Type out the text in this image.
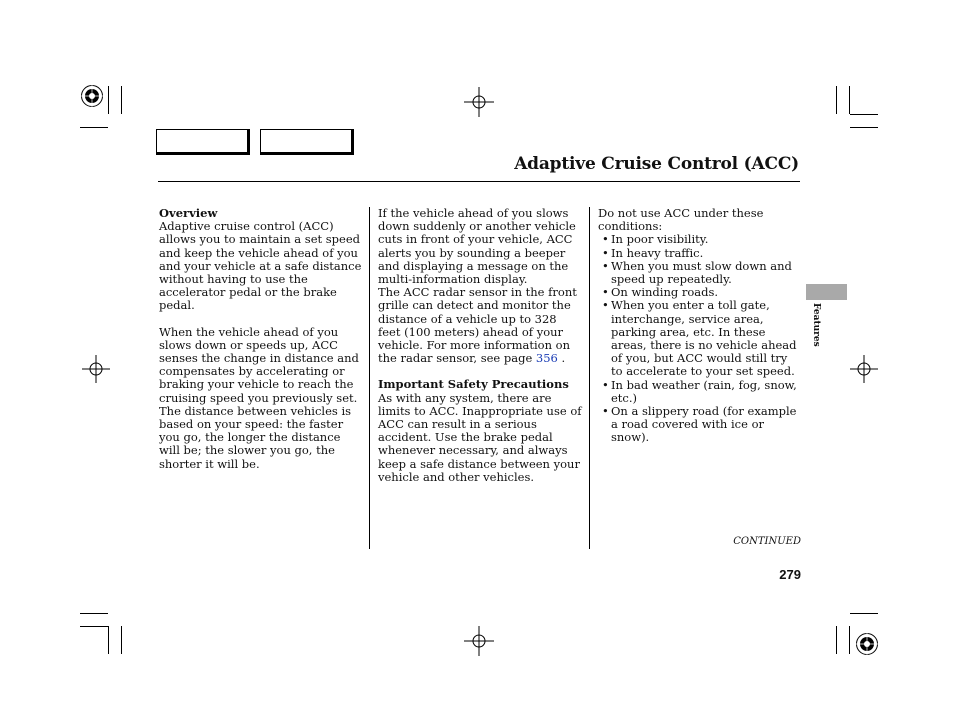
Adaptive Cruise Control (ACC)

Overview

Adaptive cruise control (ACC) allows you to maintain a set speed and keep the vehicle ahead of you and your vehicle at a safe distance without having to use the accelerator pedal or the brake pedal.

When the vehicle ahead of you slows down or speeds up, ACC senses the change in distance and compensates by accelerating or braking your vehicle to reach the cruising speed you previously set. The distance between vehicles is based on your speed: the faster you go, the longer the distance will be; the slower you go, the shorter it will be.

If the vehicle ahead of you slows down suddenly or another vehicle cuts in front of your vehicle, ACC alerts you by sounding a beeper and displaying a message on the multi-information display.

The ACC radar sensor in the front grille can detect and monitor the distance of a vehicle up to 328 feet (100 meters) ahead of your vehicle. For more information on the radar sensor, see page 356 .

Important Safety Precautions

As with any system, there are limits to ACC. Inappropriate use of ACC can result in a serious accident. Use the brake pedal whenever necessary, and always keep a safe distance between your vehicle and other vehicles.

Do not use ACC under these conditions:

• In poor visibility.
• In heavy traffic.
• When you must slow down and speed up repeatedly.
• On winding roads.
• When you enter a toll gate, interchange, service area, parking area, etc. In these areas, there is no vehicle ahead of you, but ACC would still try to accelerate to your set speed.
• In bad weather (rain, fog, snow, etc.)
• On a slippery road (for example a road covered with ice or snow).
Features
CONTINUED
279
